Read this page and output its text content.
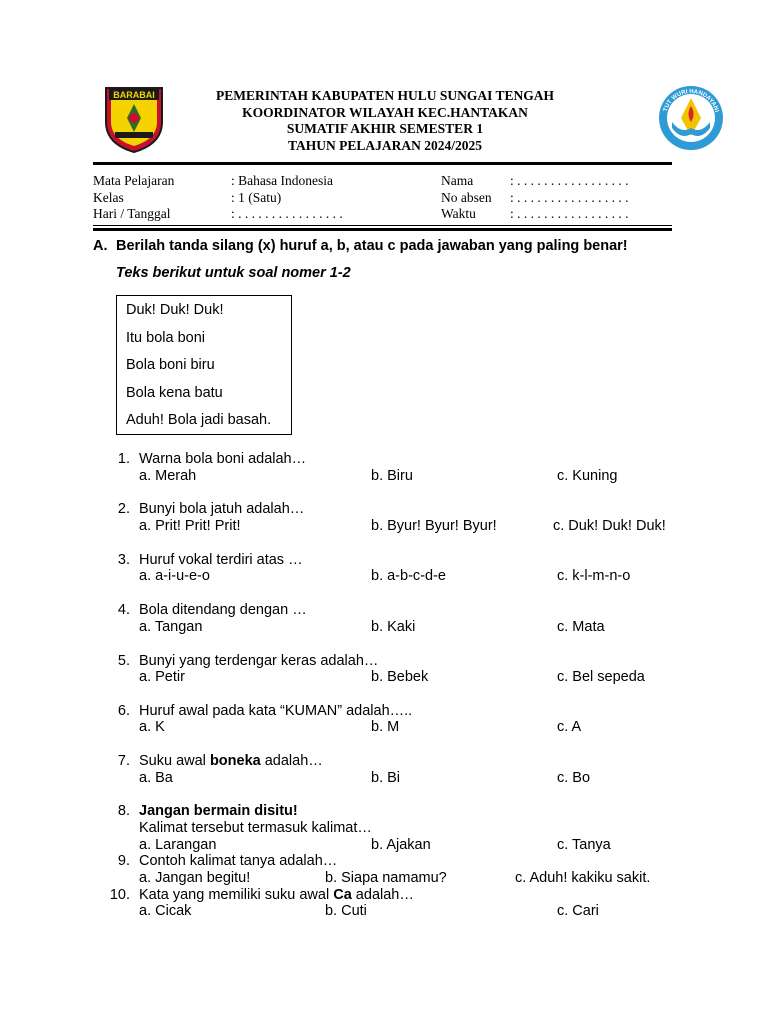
BARABAI
TUT WURI HANDAYANI
PEMERINTAH KABUPATEN HULU SUNGAI TENGAH
KOORDINATOR WILAYAH KEC.HANTAKAN
SUMATIF AKHIR SEMESTER 1
TAHUN PELAJARAN 2024/2025
Mata Pelajaran	: Bahasa Indonesia
Kelas	: 1 (Satu)
Hari / Tanggal	: . . . . . . . . . . . . . . . .
Nama	: . . . . . . . . . . . . . . . . .
No absen : . . . . . . . . . . . . . . . . .
Waktu	: . . . . . . . . . . . . . . . . .
A. Berilah tanda silang (x) huruf a, b, atau c pada jawaban yang paling benar!
Teks berikut untuk soal nomer 1-2
Duk! Duk! Duk!
Itu bola boni
Bola boni biru
Bola kena batu
Aduh! Bola jadi basah.
1. Warna bola boni adalah…
a. Merah	b. Biru	c. Kuning
2. Bunyi bola jatuh adalah…
a. Prit! Prit! Prit!	b. Byur! Byur! Byur!	c. Duk! Duk! Duk!
3. Huruf vokal terdiri atas …
a. a-i-u-e-o	b. a-b-c-d-e	c. k-l-m-n-o
4. Bola ditendang dengan …
a. Tangan	b. Kaki	c. Mata
5. Bunyi yang terdengar keras adalah…
a. Petir	b. Bebek	c. Bel sepeda
6. Huruf awal pada kata “KUMAN” adalah…..
a. K	b. M	c. A
7. Suku awal boneka adalah…
a. Ba	b. Bi	c. Bo
8. Jangan bermain disitu!
Kalimat tersebut termasuk kalimat…
a. Larangan	b. Ajakan	c. Tanya
9. Contoh kalimat tanya adalah…
a. Jangan begitu!	b. Siapa namamu?	c. Aduh! kakiku sakit.
10. Kata yang memiliki suku awal Ca adalah…
a. Cicak	b. Cuti	c. Cari
